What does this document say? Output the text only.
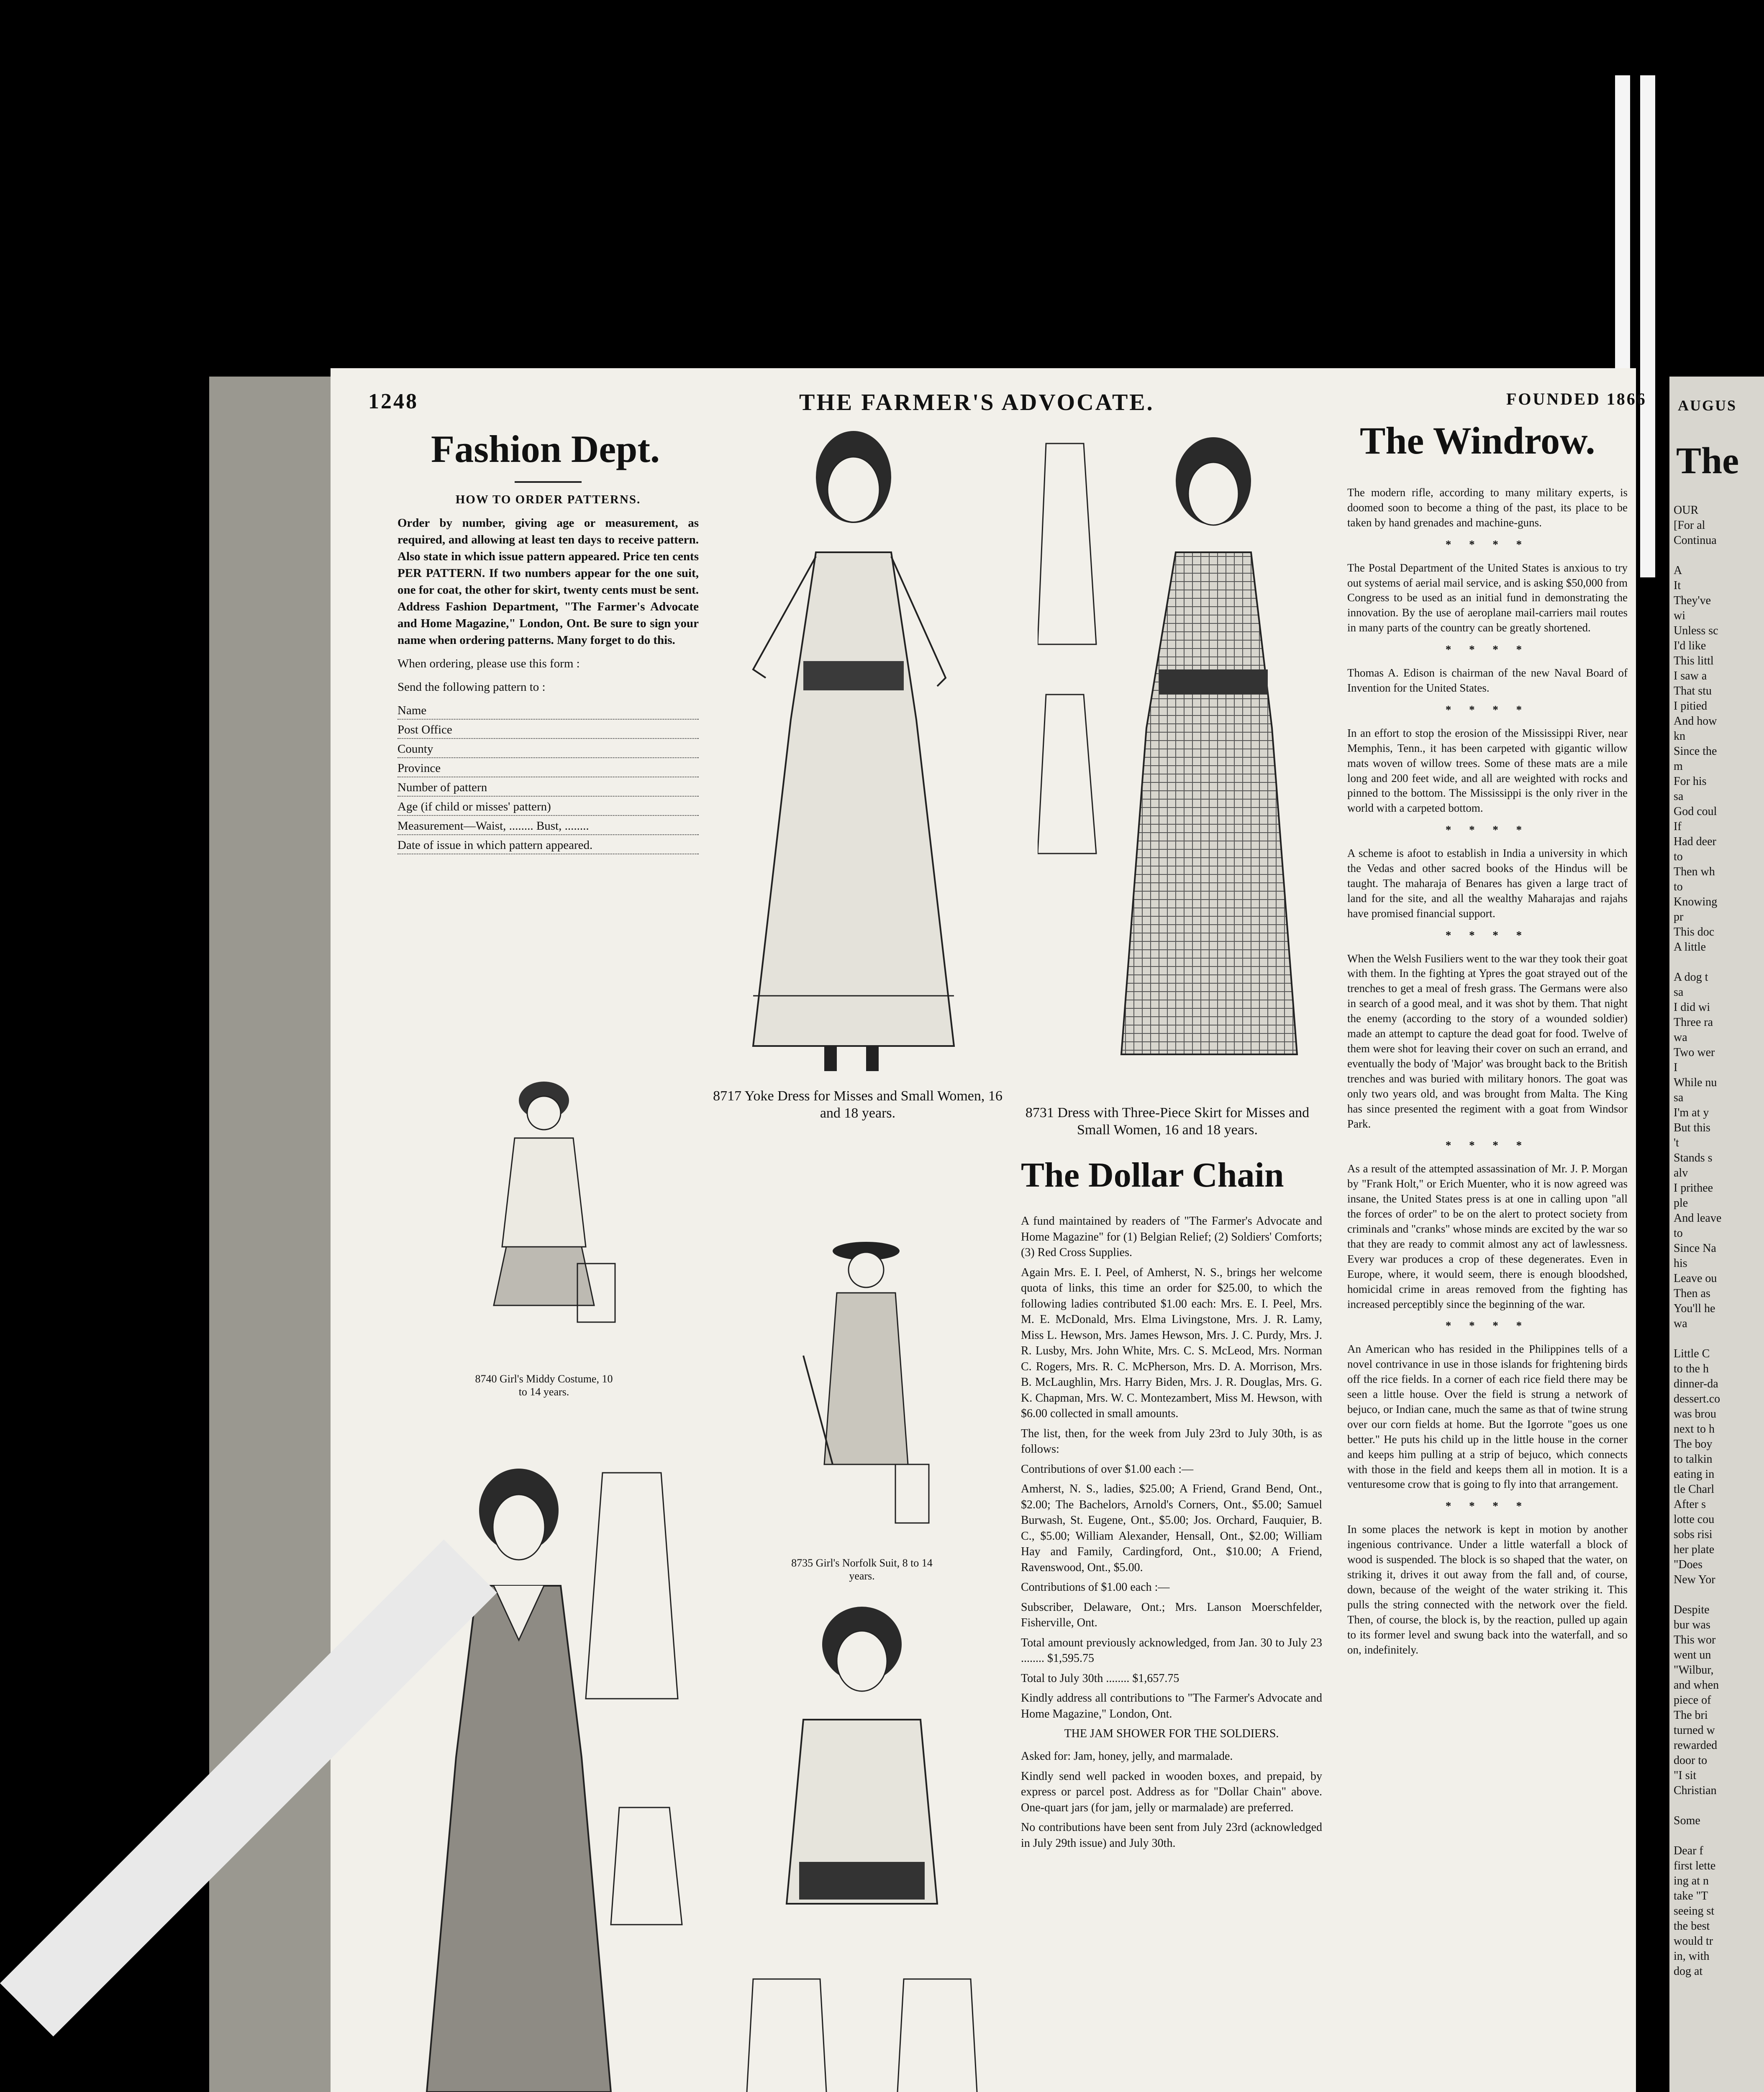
AUGUS
The
OUR
[For al
Continua
A
It
They've
wi
Unless sc
I'd like
This littl
I saw a
That stu
I pitied
And how
kn
Since the
m
For his
sa
God coul
If
Had deer
to
Then wh
to
Knowing
pr
This doc
A little
A dog t
sa
I did wi
Three ra
wa
Two wer
I
While nu
sa
I'm at y
But this
't
Stands s
alv
I prithee
ple
And leave
to
Since Na
his
Leave ou
Then as
You'll he
wa
Little C
to the h
dinner-da
dessert.co
was brou
next to h
The boy
to talkin
eating in
tle Charl
After s
lotte cou
sobs risi
her plate
"Does
New Yor
Despite
bur was
This wor
went un
"Wilbur,
and when
piece of
The bri
turned w
rewarded
door to
"I sit
Christian
Some
Dear f
first lette
ing at n
take "T
seeing st
the best
would tr
in, with
dog at
1248	THE FARMER'S ADVOCATE.	FOUNDED 1866
Fashion Dept.

HOW TO ORDER PATTERNS.

Order by number, giving age or measurement, as required, and allowing at least ten days to receive pattern. Also state in which issue pattern appeared. Price ten cents PER PATTERN. If two numbers appear for the one suit, one for coat, the other for skirt, twenty cents must be sent. Address Fashion Department, "The Farmer's Advocate and Home Magazine," London, Ont. Be sure to sign your name when ordering patterns. Many forget to do this.

When ordering, please use this form :

Send the following pattern to :

Name
Post Office
County
Province
Number of pattern
Age (if child or misses' pattern)
Measurement—Waist, ........ Bust, ........
Date of issue in which pattern appeared.
8717 Yoke Dress for Misses and Small Women, 16 and 18 years.	8731 Dress with Three-Piece Skirt for Misses and Small Women, 16 and 18 years.
8740 Girl's Middy Costume, 10 to 14 years.
8735 Girl's Norfolk Suit, 8 to 14 years.
The Dollar Chain

A fund maintained by readers of "The Farmer's Advocate and Home Magazine" for (1) Belgian Relief; (2) Soldiers' Comforts; (3) Red Cross Supplies.

Again Mrs. E. I. Peel, of Amherst, N. S., brings her welcome quota of links, this time an order for $25.00, to which the following ladies contributed $1.00 each: Mrs. E. I. Peel, Mrs. M. E. McDonald, Mrs. Elma Livingstone, Mrs. J. R. Lamy, Miss L. Hewson, Mrs. James Hewson, Mrs. J. C. Purdy, Mrs. J. R. Lusby, Mrs. John White, Mrs. C. S. McLeod, Mrs. Norman C. Rogers, Mrs. R. C. McPherson, Mrs. D. A. Morrison, Mrs. B. McLaughlin, Mrs. Harry Biden, Mrs. J. R. Douglas, Mrs. G. K. Chapman, Mrs. W. C. Montezambert, Miss M. Hewson, with $6.00 collected in small amounts.

The list, then, for the week from July 23rd to July 30th, is as follows:

Contributions of over $1.00 each :—

Amherst, N. S., ladies, $25.00; A Friend, Grand Bend, Ont., $2.00; The Bachelors, Arnold's Corners, Ont., $5.00; Samuel Burwash, St. Eugene, Ont., $5.00; Jos. Orchard, Fauquier, B. C., $5.00; William Alexander, Hensall, Ont., $2.00; William Hay and Family, Cardingford, Ont., $10.00; A Friend, Ravenswood, Ont., $5.00.

Contributions of $1.00 each :—

Subscriber, Delaware, Ont.; Mrs. Lanson Moerschfelder, Fisherville, Ont.

Total amount previously acknowledged, from Jan. 30 to July 23 ........ $1,595.75

Total to July 30th ........ $1,657.75

Kindly address all contributions to "The Farmer's Advocate and Home Magazine," London, Ont.

THE JAM SHOWER FOR THE SOLDIERS.

Asked for: Jam, honey, jelly, and marmalade.

Kindly send well packed in wooden boxes, and prepaid, by express or parcel post. Address as for "Dollar Chain" above. One-quart jars (for jam, jelly or marmalade) are preferred.

No contributions have been sent from July 23rd (acknowledged in July 29th issue) and July 30th.

The Windrow.

The modern rifle, according to many military experts, is doomed soon to become a thing of the past, its place to be taken by hand grenades and machine-guns.

* * * *

The Postal Department of the United States is anxious to try out systems of aerial mail service, and is asking $50,000 from Congress to be used as an initial fund in demonstrating the innovation. By the use of aeroplane mail-carriers mail routes in many parts of the country can be greatly shortened.

* * * *

Thomas A. Edison is chairman of the new Naval Board of Invention for the United States.

* * * *

In an effort to stop the erosion of the Mississippi River, near Memphis, Tenn., it has been carpeted with gigantic willow mats woven of willow trees. Some of these mats are a mile long and 200 feet wide, and all are weighted with rocks and pinned to the bottom. The Mississippi is the only river in the world with a carpeted bottom.

* * * *

A scheme is afoot to establish in India a university in which the Vedas and other sacred books of the Hindus will be taught. The maharaja of Benares has given a large tract of land for the site, and all the wealthy Maharajas and rajahs have promised financial support.

* * * *

When the Welsh Fusiliers went to the war they took their goat with them. In the fighting at Ypres the goat strayed out of the trenches to get a meal of fresh grass. The Germans were also in search of a good meal, and it was shot by them. That night the enemy (according to the story of a wounded soldier) made an attempt to capture the dead goat for food. Twelve of them were shot for leaving their cover on such an errand, and eventually the body of 'Major' was brought back to the British trenches and was buried with military honors. The goat was only two years old, and was brought from Malta. The King has since presented the regiment with a goat from Windsor Park.

* * * *

As a result of the attempted assassination of Mr. J. P. Morgan by "Frank Holt," or Erich Muenter, who it is now agreed was insane, the United States press is at one in calling upon "all the forces of order" to be on the alert to protect society from criminals and "cranks" whose minds are excited by the war so that they are ready to commit almost any act of lawlessness. Every war produces a crop of these degenerates. Even in Europe, where, it would seem, there is enough bloodshed, homicidal crime in areas removed from the fighting has increased perceptibly since the beginning of the war.

* * * *

An American who has resided in the Philippines tells of a novel contrivance in use in those islands for frightening birds off the rice fields. In a corner of each rice field there may be seen a little house. Over the field is strung a network of bejuco, or Indian cane, much the same as that of twine strung over our corn fields at home. But the Igorrote "goes us one better." He puts his child up in the little house in the corner and keeps him pulling at a strip of bejuco, which connects with those in the field and keeps them all in motion. It is a venturesome crow that is going to fly into that arrangement.

* * * *

In some places the network is kept in motion by another ingenious contrivance. Under a little waterfall a block of wood is suspended. The block is so shaped that the water, on striking it, drives it out away from the fall and, of course, down, because of the weight of the water striking it. This pulls the string connected with the network over the field. Then, of course, the block is, by the reaction, pulled up again to its former level and swung back into the waterfall, and so on, indefinitely.
